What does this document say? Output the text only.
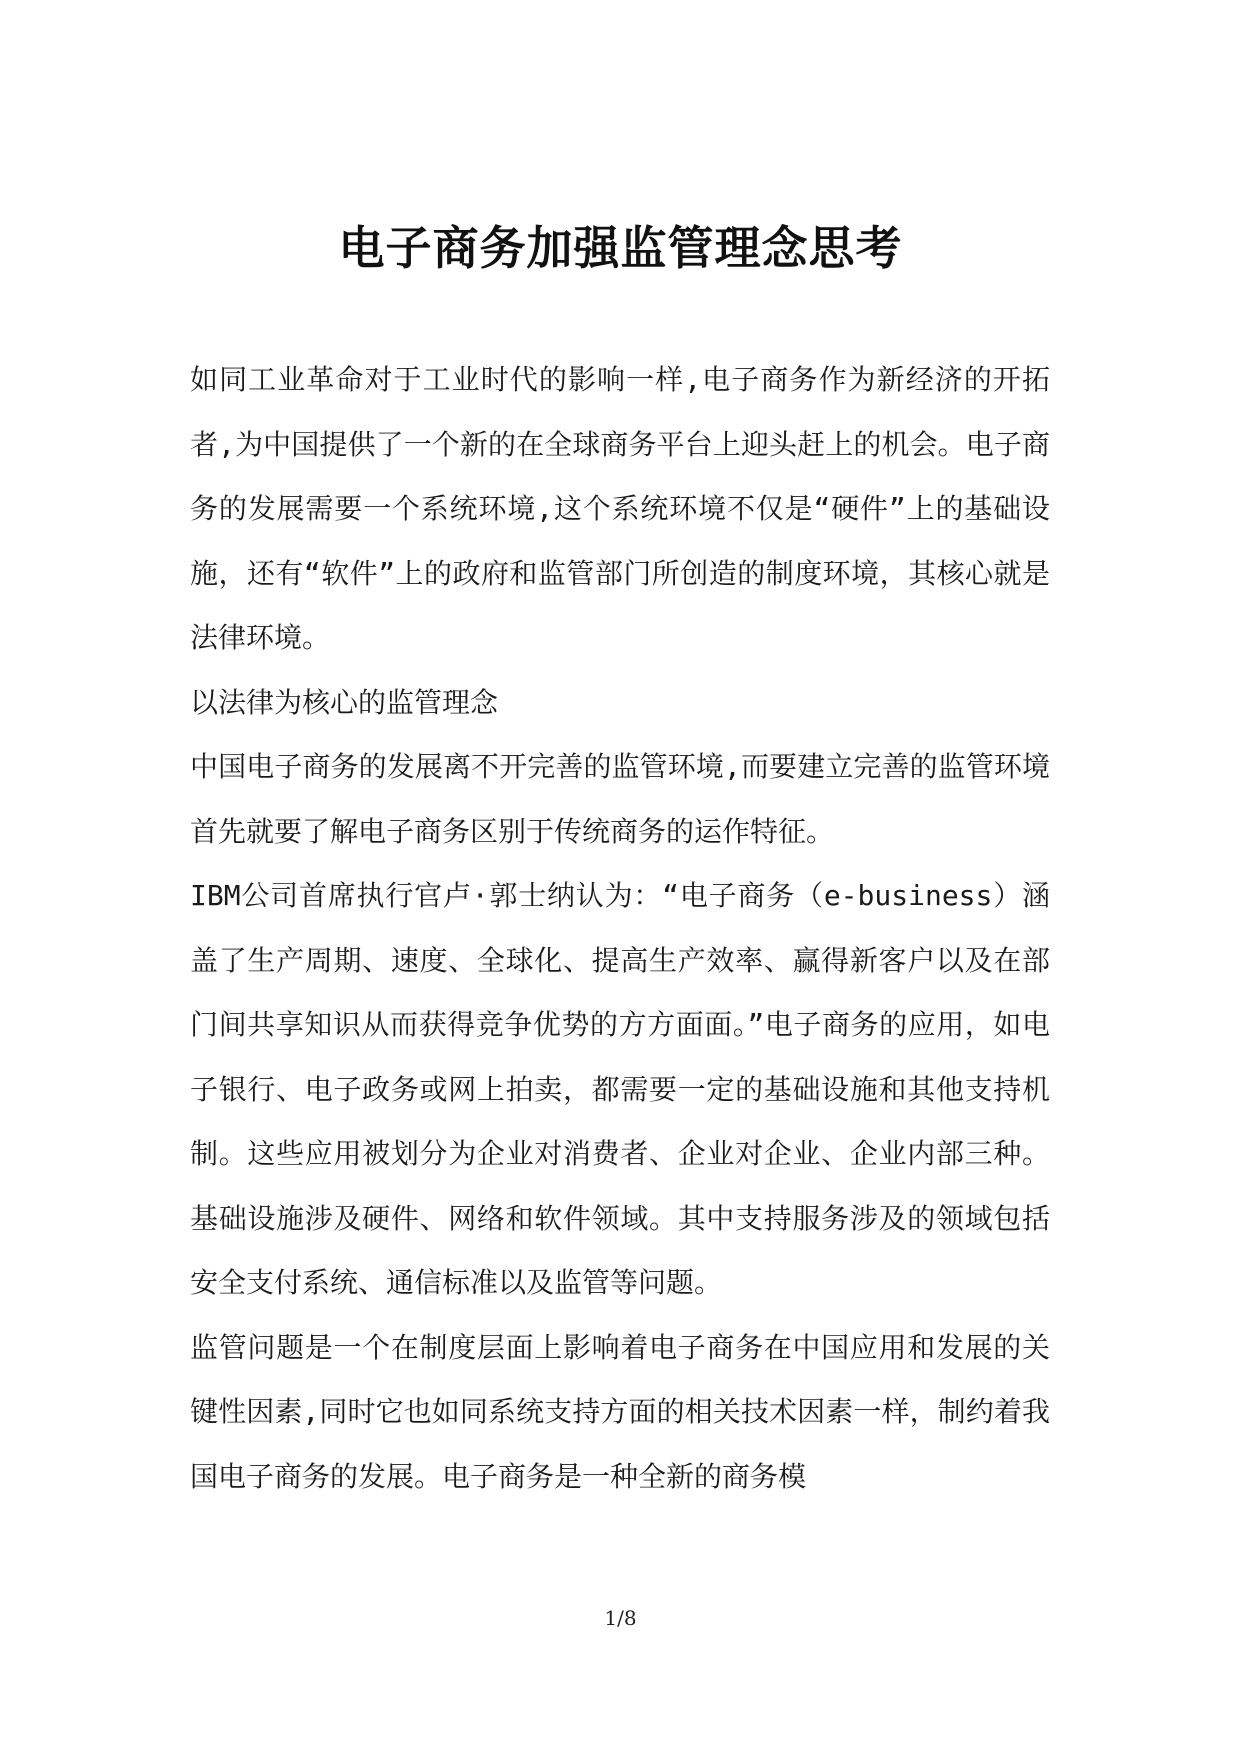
电子商务加强监管理念思考

如同工业革命对于工业时代的影响一样,电子商务作为新经济的开拓者,为中国提供了一个新的在全球商务平台上迎头赶上的机会。电子商务的发展需要一个系统环境,这个系统环境不仅是“硬件”上的基础设施，还有“软件”上的政府和监管部门所创造的制度环境，其核心就是法律环境。

以法律为核心的监管理念

中国电子商务的发展离不开完善的监管环境,而要建立完善的监管环境首先就要了解电子商务区别于传统商务的运作特征。

IBM公司首席执行官卢·郭士纳认为：“电子商务（e-business）涵盖了生产周期、速度、全球化、提高生产效率、赢得新客户以及在部门间共享知识从而获得竞争优势的方方面面。”电子商务的应用，如电子银行、电子政务或网上拍卖，都需要一定的基础设施和其他支持机制。这些应用被划分为企业对消费者、企业对企业、企业内部三种。基础设施涉及硬件、网络和软件领域。其中支持服务涉及的领域包括安全支付系统、通信标准以及监管等问题。

监管问题是一个在制度层面上影响着电子商务在中国应用和发展的关键性因素,同时它也如同系统支持方面的相关技术因素一样，制约着我国电子商务的发展。电子商务是一种全新的商务模

1/8
